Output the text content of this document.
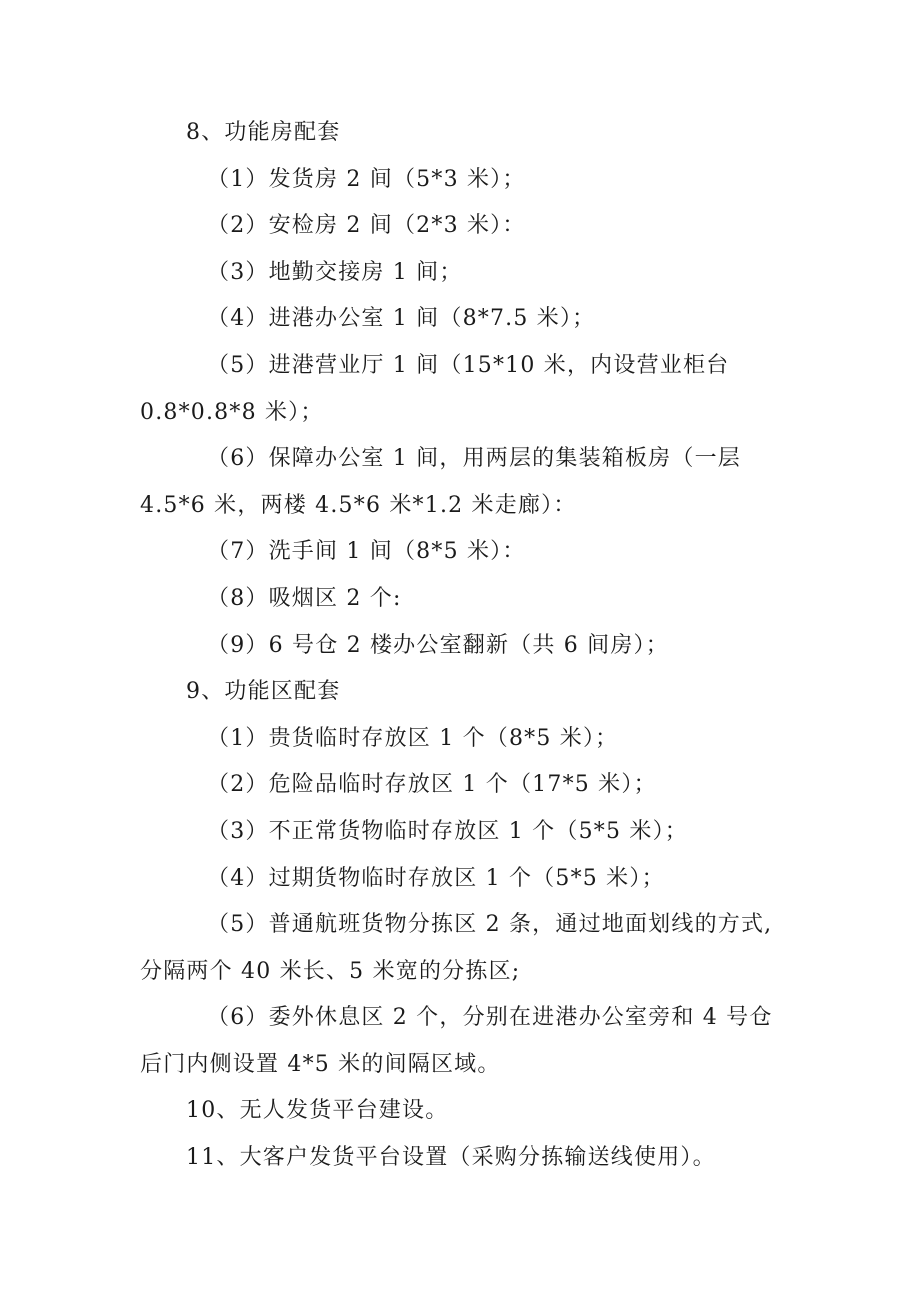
8、功能房配套

（1）发货房 2 间（5*3 米）；

（2）安检房 2 间（2*3 米）：

（3）地勤交接房 1 间；

（4）进港办公室 1 间（8*7.5 米）；

（5）进港营业厅 1 间（15*10 米，内设营业柜台 0.8*0.8*8 米）；

（6）保障办公室 1 间，用两层的集装箱板房（一层 4.5*6 米，两楼 4.5*6 米*1.2 米走廊）：

（7）洗手间 1 间（8*5 米）：

（8）吸烟区 2 个:

（9）6 号仓 2 楼办公室翻新（共 6 间房）；

9、功能区配套

（1）贵货临时存放区 1 个（8*5 米）；

（2）危险品临时存放区 1 个（17*5 米）；

（3）不正常货物临时存放区 1 个（5*5 米）；

（4）过期货物临时存放区 1 个（5*5 米）；

（5）普通航班货物分拣区 2 条，通过地面划线的方式,分隔两个 40 米长、5 米宽的分拣区;

（6）委外休息区 2 个，分别在进港办公室旁和 4 号仓后门内侧设置 4*5 米的间隔区域。

10、无人发货平台建设。

11、大客户发货平台设置（采购分拣输送线使用）。
